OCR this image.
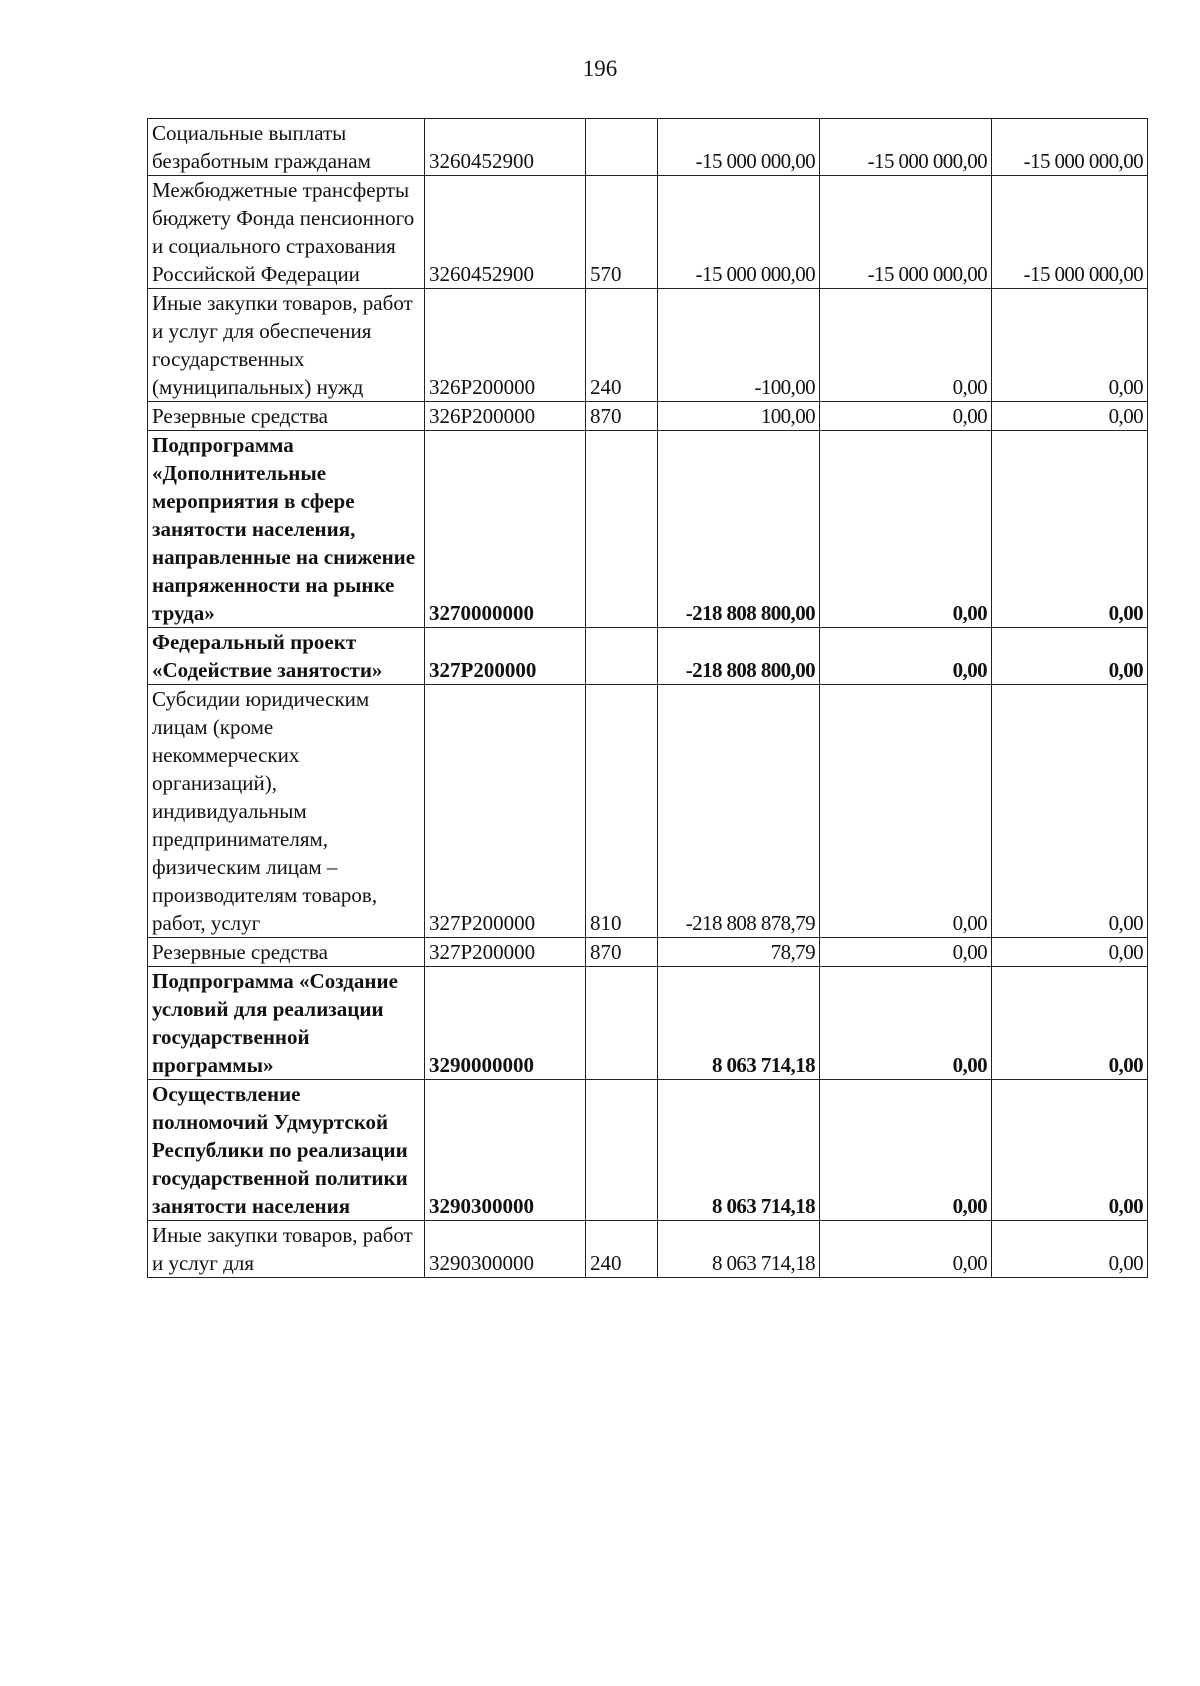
196
Социальные выплаты безработным гражданам	3260452900		-15 000 000,00	-15 000 000,00	-15 000 000,00
Межбюджетные трансферты бюджету Фонда пенсионного и социального страхования Российской Федерации	3260452900	570	-15 000 000,00	-15 000 000,00	-15 000 000,00
Иные закупки товаров, работ и услуг для обеспечения государственных (муниципальных) нужд	326P200000	240	-100,00	0,00	0,00
Резервные средства	326P200000	870	100,00	0,00	0,00
Подпрограмма «Дополнительные мероприятия в сфере занятости населения, направленные на снижение напряженности на рынке труда»	3270000000		-218 808 800,00	0,00	0,00
Федеральный проект «Содействие занятости»	327P200000		-218 808 800,00	0,00	0,00
Субсидии юридическим лицам (кроме некоммерческих организаций), индивидуальным предпринимателям, физическим лицам – производителям товаров, работ, услуг	327P200000	810	-218 808 878,79	0,00	0,00
Резервные средства	327P200000	870	78,79	0,00	0,00
Подпрограмма «Создание условий для реализации государственной программы»	3290000000		8 063 714,18	0,00	0,00
Осуществление полномочий Удмуртской Республики по реализации государственной политики занятости населения	3290300000		8 063 714,18	0,00	0,00
Иные закупки товаров, работ и услуг для	3290300000	240	8 063 714,18	0,00	0,00
